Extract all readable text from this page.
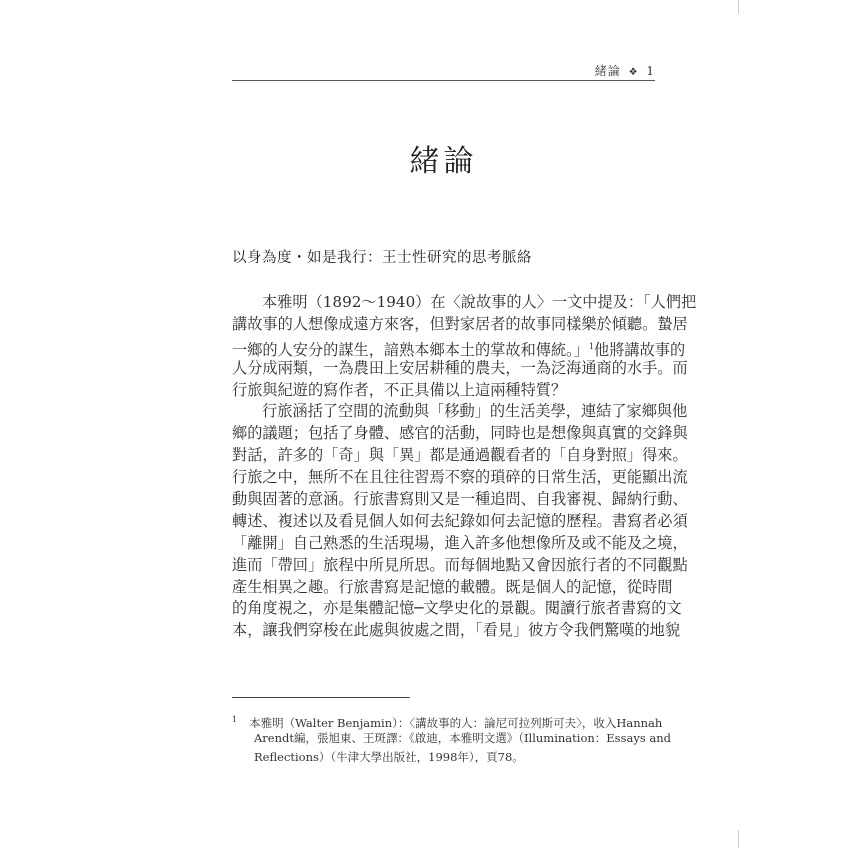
緒論 ❖ 1
緒論
以身為度・如是我行：王士性研究的思考脈絡
本雅明（1892～1940）在〈說故事的人〉一文中提及：「人們把
講故事的人想像成遠方來客，但對家居者的故事同樣樂於傾聽。蟄居
一鄉的人安分的謀生，諳熟本鄉本土的掌故和傳統。」$^1$他將講故事的
人分成兩類，一為農田上安居耕種的農夫，一為泛海通商的水手。而
行旅與紀遊的寫作者，不正具備以上這兩種特質？
行旅涵括了空間的流動與「移動」的生活美學，連結了家鄉與他
鄉的議題；包括了身體、感官的活動，同時也是想像與真實的交鋒與
對話，許多的「奇」與「異」都是通過觀看者的「自身對照」得來。
行旅之中，無所不在且往往習焉不察的瑣碎的日常生活，更能顯出流
動與固著的意涵。行旅書寫則又是一種追問、自我審視、歸納行動、
轉述、複述以及看見個人如何去紀錄如何去記憶的歷程。書寫者必須
「離開」自己熟悉的生活現場，進入許多他想像所及或不能及之境，
進而「帶回」旅程中所見所思。而每個地點又會因旅行者的不同觀點
產生相異之趣。行旅書寫是記憶的載體。既是個人的記憶，從時間
的角度視之，亦是集體記憶─文學史化的景觀。閱讀行旅者書寫的文
本，讓我們穿梭在此處與彼處之間，「看見」彼方令我們驚嘆的地貌
$^1$ 本雅明（Walter Benjamin）：〈講故事的人：論尼可拉列斯可夫〉，收入Hannah
Arendt編，張旭東、王斑譯：《啟迪，本雅明文選》（Illumination：Essays and
Reflections）（牛津大學出版社，1998年），頁78。
